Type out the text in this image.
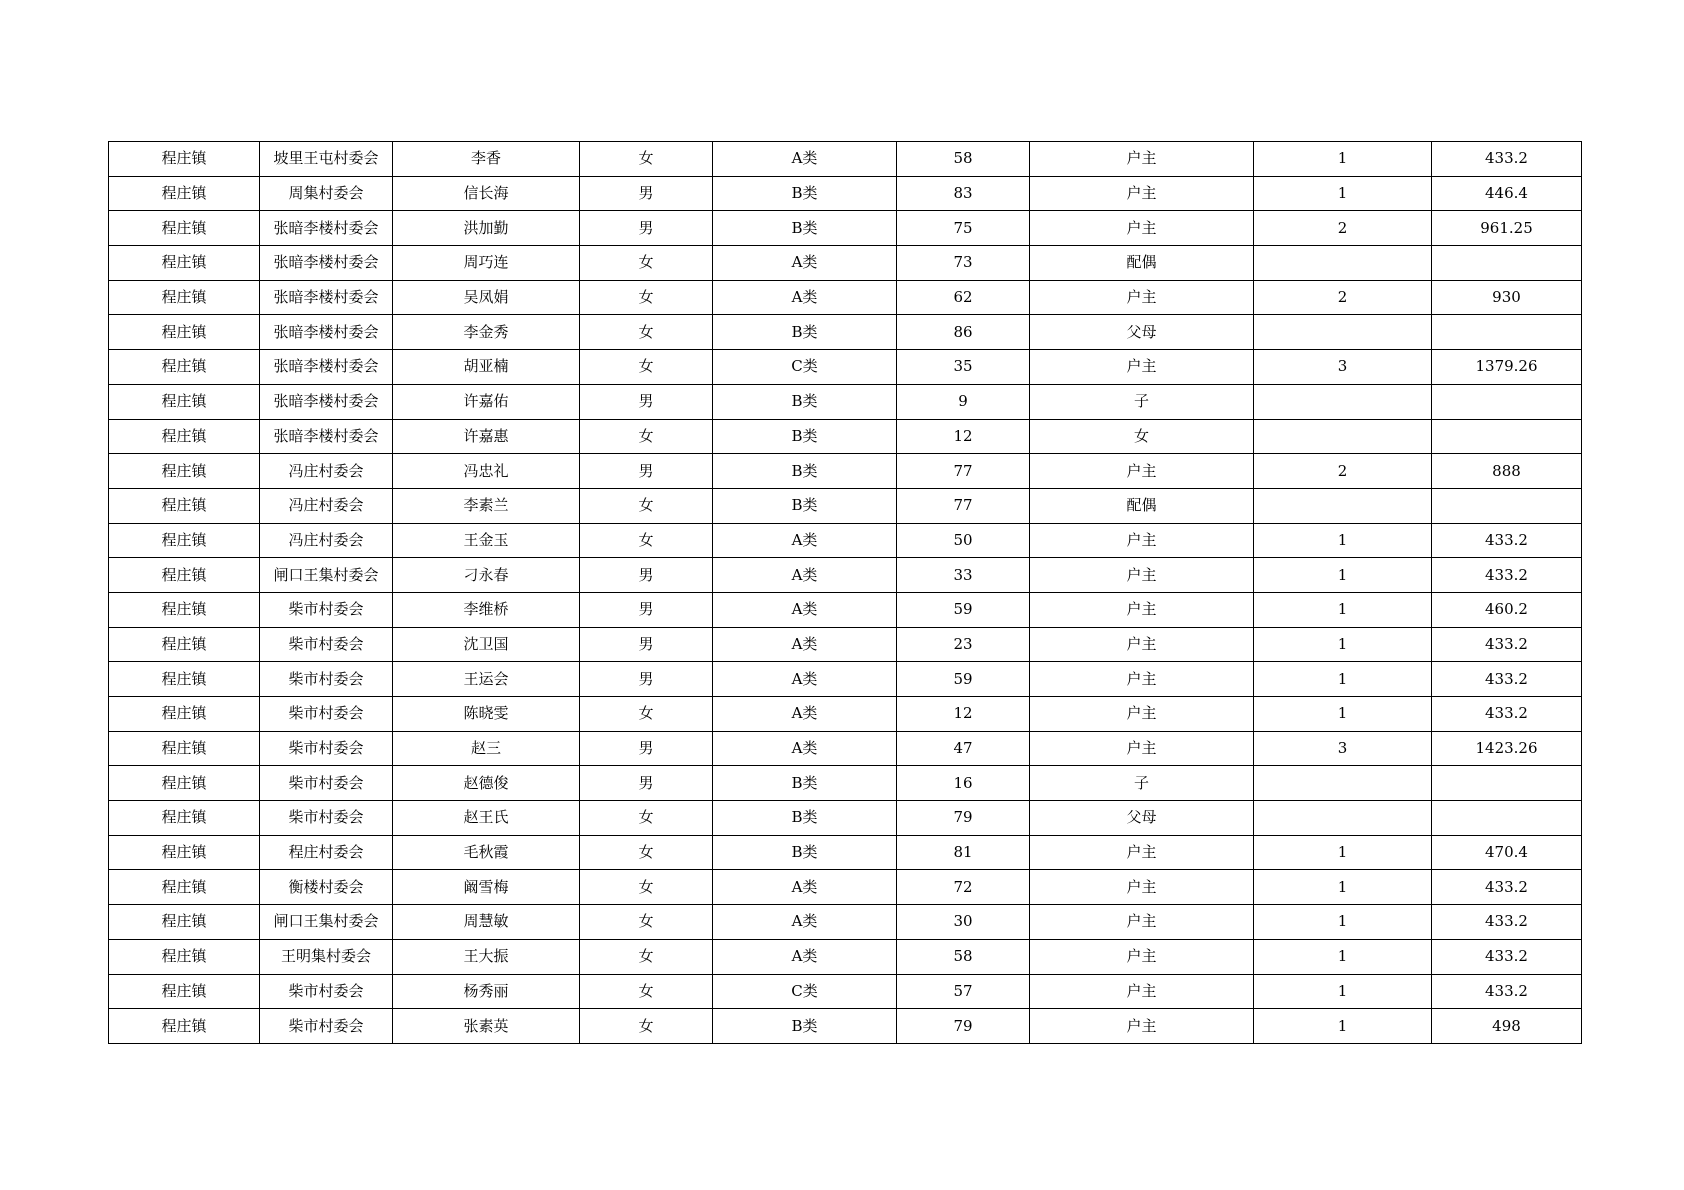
程庄镇	坡里王屯村委会	李香	女	A类	58	户主	1	433.2
程庄镇	周集村委会	信长海	男	B类	83	户主	1	446.4
程庄镇	张暗李楼村委会	洪加勤	男	B类	75	户主	2	961.25
程庄镇	张暗李楼村委会	周巧连	女	A类	73	配偶		
程庄镇	张暗李楼村委会	吴凤娟	女	A类	62	户主	2	930
程庄镇	张暗李楼村委会	李金秀	女	B类	86	父母		
程庄镇	张暗李楼村委会	胡亚楠	女	C类	35	户主	3	1379.26
程庄镇	张暗李楼村委会	许嘉佑	男	B类	9	子		
程庄镇	张暗李楼村委会	许嘉惠	女	B类	12	女		
程庄镇	冯庄村委会	冯忠礼	男	B类	77	户主	2	888
程庄镇	冯庄村委会	李素兰	女	B类	77	配偶		
程庄镇	冯庄村委会	王金玉	女	A类	50	户主	1	433.2
程庄镇	闸口王集村委会	刁永春	男	A类	33	户主	1	433.2
程庄镇	柴市村委会	李维桥	男	A类	59	户主	1	460.2
程庄镇	柴市村委会	沈卫国	男	A类	23	户主	1	433.2
程庄镇	柴市村委会	王运会	男	A类	59	户主	1	433.2
程庄镇	柴市村委会	陈晓雯	女	A类	12	户主	1	433.2
程庄镇	柴市村委会	赵三	男	A类	47	户主	3	1423.26
程庄镇	柴市村委会	赵德俊	男	B类	16	子		
程庄镇	柴市村委会	赵王氏	女	B类	79	父母		
程庄镇	程庄村委会	毛秋霞	女	B类	81	户主	1	470.4
程庄镇	衡楼村委会	阚雪梅	女	A类	72	户主	1	433.2
程庄镇	闸口王集村委会	周慧敏	女	A类	30	户主	1	433.2
程庄镇	王明集村委会	王大振	女	A类	58	户主	1	433.2
程庄镇	柴市村委会	杨秀丽	女	C类	57	户主	1	433.2
程庄镇	柴市村委会	张素英	女	B类	79	户主	1	498
